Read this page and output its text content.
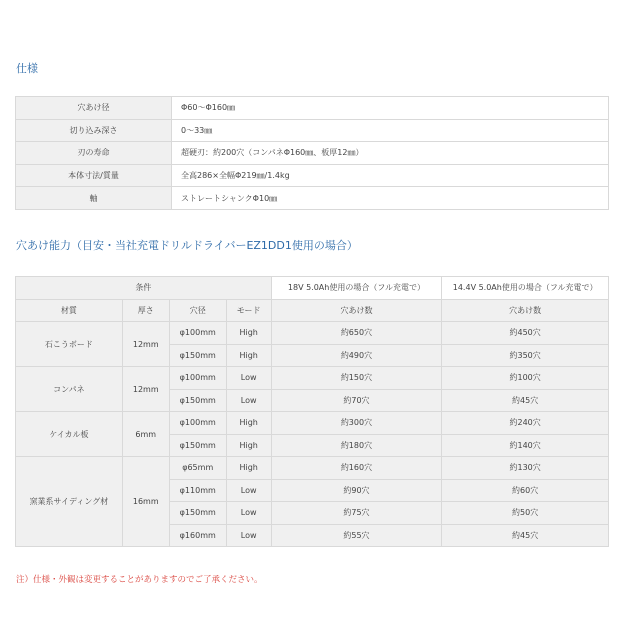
仕様
穴あけ径	Φ60〜Φ160㎜
切り込み深さ	0〜33㎜
刃の寿命	超硬刃：約200穴（コンパネΦ160㎜、板厚12㎜）
本体寸法/質量	全高286×全幅Φ219㎜/1.4kg
軸	ストレートシャンクΦ10㎜
穴あけ能力（目安・当社充電ドリルドライバーEZ1DD1使用の場合）
条件				18V 5.0Ah使用の場合（フル充電で）	14.4V 5.0Ah使用の場合（フル充電で）
材質	厚さ	穴径	モード	穴あけ数	穴あけ数
石こうボード	12mm	φ100mm	High	約650穴	約450穴
		φ150mm	High	約490穴	約350穴
コンパネ	12mm	φ100mm	Low	約150穴	約100穴
		φ150mm	Low	約70穴	約45穴
ケイカル板	6mm	φ100mm	High	約300穴	約240穴
		φ150mm	High	約180穴	約140穴
窯業系サイディング材	16mm	φ65mm	High	約160穴	約130穴
		φ110mm	Low	約90穴	約60穴
		φ150mm	Low	約75穴	約50穴
		φ160mm	Low	約55穴	約45穴
注）仕様・外観は変更することがありますのでご了承ください。
